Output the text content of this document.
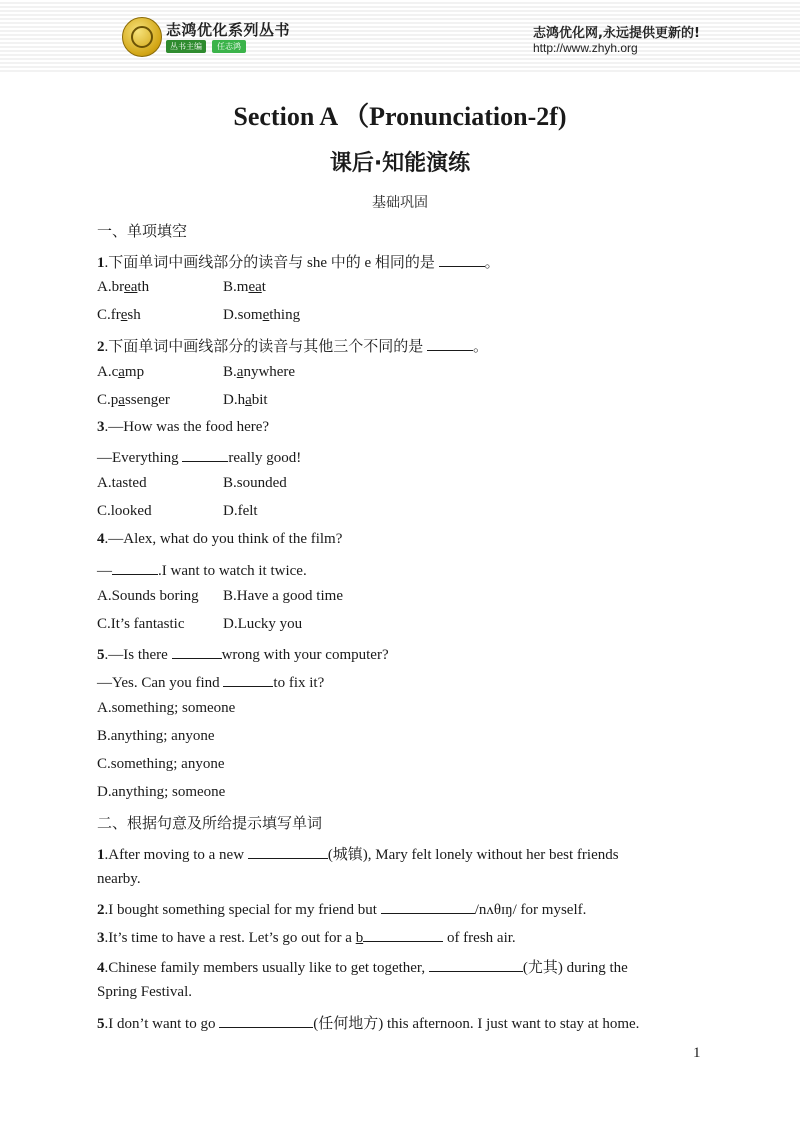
志鸿优化系列丛书
丛书主编	任志鸿
志鸿优化网,永远提供更新的!
http://www.zhyh.org
Section A （Pronunciation-2f)
课后·知能演练
基础巩固
一、单项填空
1.下面单词中画线部分的读音与 she 中的 e 相同的是	。
A.breath	B.meat
C.fresh	D.something
2.下面单词中画线部分的读音与其他三个不同的是	。
A.camp	B.anywhere
C.passenger	D.habit
3.—How was the food here?
—Everything	really good!
A.tasted	B.sounded
C.looked	D.felt
4.—Alex, what do you think of the film?
—	.I want to watch it twice.
A.Sounds boring B.Have a good time
C.It’s fantastic	D.Lucky you
5.—Is there	wrong with your computer?
—Yes. Can you find	to fix it?
A.something; someone
B.anything; anyone
C.something; anyone
D.anything; someone
二、根据句意及所给提示填写单词
1.After moving to a new	(城镇), Mary felt lonely without her best friends
nearby.
2.I bought something special for my friend but	/nʌθɪŋ/ for myself.
3.It’s time to have a rest. Let’s go out for a b	of fresh air.
4.Chinese family members usually like to get together,	(尤其) during the
Spring Festival.
5.I don’t want to go	(任何地方) this afternoon. I just want to stay at home.
1
